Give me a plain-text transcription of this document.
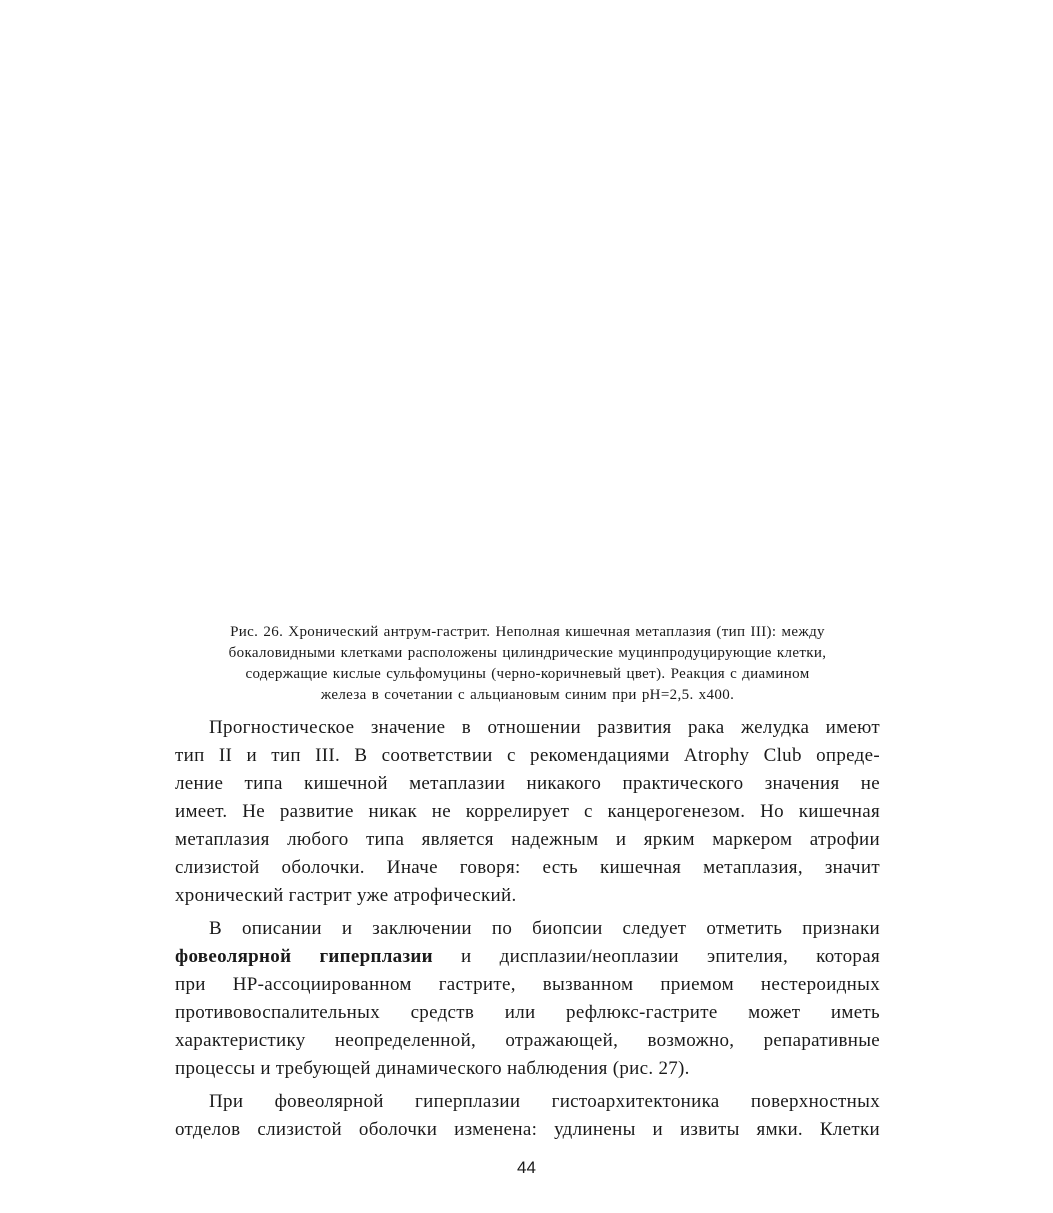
Рис. 26. Хронический антрум-гастрит. Неполная кишечная метаплазия (тип III): между
бокаловидными клетками расположены цилиндрические муцинпродуцирующие клетки,
содержащие кислые сульфомуцины (черно-коричневый цвет). Реакция с диамином
железа в сочетании с альциановым синим при pH=2,5. х400.
Прогностическое значение в отношении развития рака желудка имеют
тип II и тип III. В соответствии с рекомендациями Atrophy Club опреде-
ление типа кишечной метаплазии никакого практического значения не
имеет. Не развитие никак не коррелирует с канцерогенезом. Но кишечная
метаплазия любого типа является надежным и ярким маркером атрофии
слизистой оболочки. Иначе говоря: есть кишечная метаплазия, значит
хронический гастрит уже атрофический.
В описании и заключении по биопсии следует отметить признаки
фовеолярной гиперплазии и дисплазии/неоплазии эпителия, которая
при НР-ассоциированном гастрите, вызванном приемом нестероидных
противовоспалительных средств или рефлюкс-гастрите может иметь
характеристику неопределенной, отражающей, возможно, репаративные
процессы и требующей динамического наблюдения (рис. 27).
При фовеолярной гиперплазии гистоархитектоника поверхностных
отделов слизистой оболочки изменена: удлинены и извиты ямки. Клетки
44
